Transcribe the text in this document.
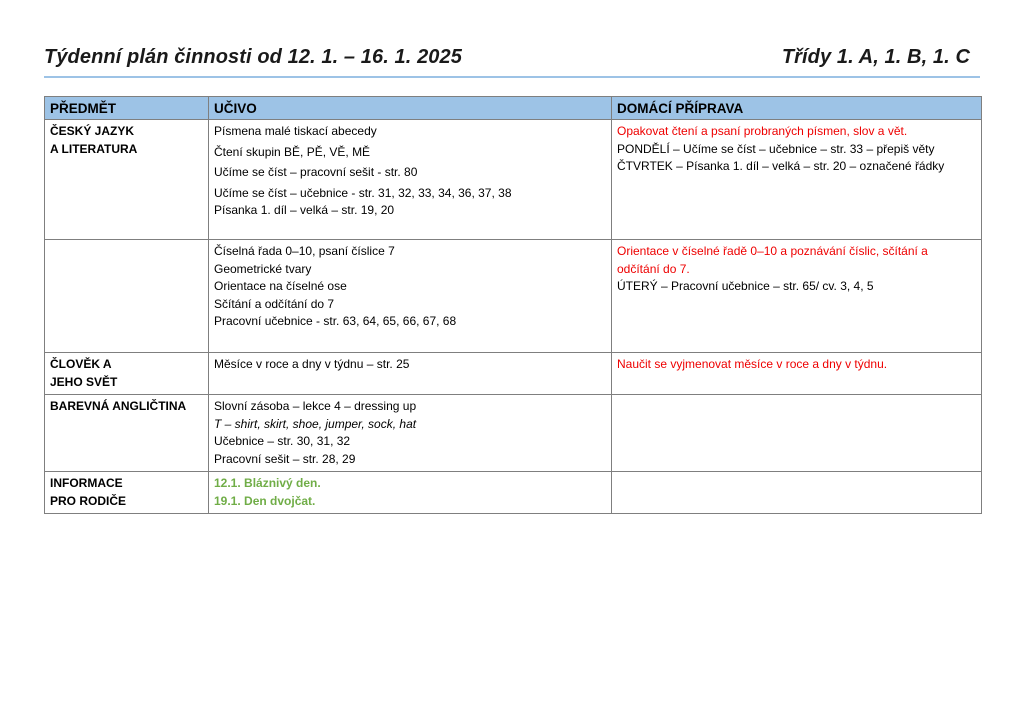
Týdenní plán činnosti od 12. 1. – 16. 1. 2025	Třídy 1. A, 1. B, 1. C
PŘEDMĚT	UČIVO	DOMÁCÍ PŘÍPRAVA

ČESKÝ JAZYK
A LITERATURA	Písmena malé tiskací abecedy
Čtení skupin BĚ, PĚ, VĚ, MĚ
Učíme se číst – pracovní sešit - str. 80
Učíme se číst – učebnice - str. 31, 32, 33, 34, 36, 37, 38
Písanka 1. díl – velká – str. 19, 20	Opakovat čtení a psaní probraných písmen, slov a vět.
PONDĚLÍ – Učíme se číst – učebnice – str. 33 – přepiš věty
ČTVRTEK – Písanka 1. díl – velká – str. 20 – označené řádky

	Číselná řada 0–10, psaní číslice 7
Geometrické tvary
Orientace na číselné ose
Sčítání a odčítání do 7
Pracovní učebnice - str. 63, 64, 65, 66, 67, 68	Orientace v číselné řadě 0–10 a poznávání číslic, sčítání a
odčítání do 7.
ÚTERÝ – Pracovní učebnice – str. 65/ cv. 3, 4, 5

ČLOVĚK A
JEHO SVĚT	Měsíce v roce a dny v týdnu – str. 25	Naučit se vyjmenovat měsíce v roce a dny v týdnu.

BAREVNÁ ANGLIČTINA	Slovní zásoba – lekce 4 – dressing up
T – shirt, skirt, shoe, jumper, sock, hat
Učebnice – str. 30, 31, 32
Pracovní sešit – str. 28, 29	

INFORMACE
PRO RODIČE	12.1. Bláznivý den.
19.1. Den dvojčat.	
